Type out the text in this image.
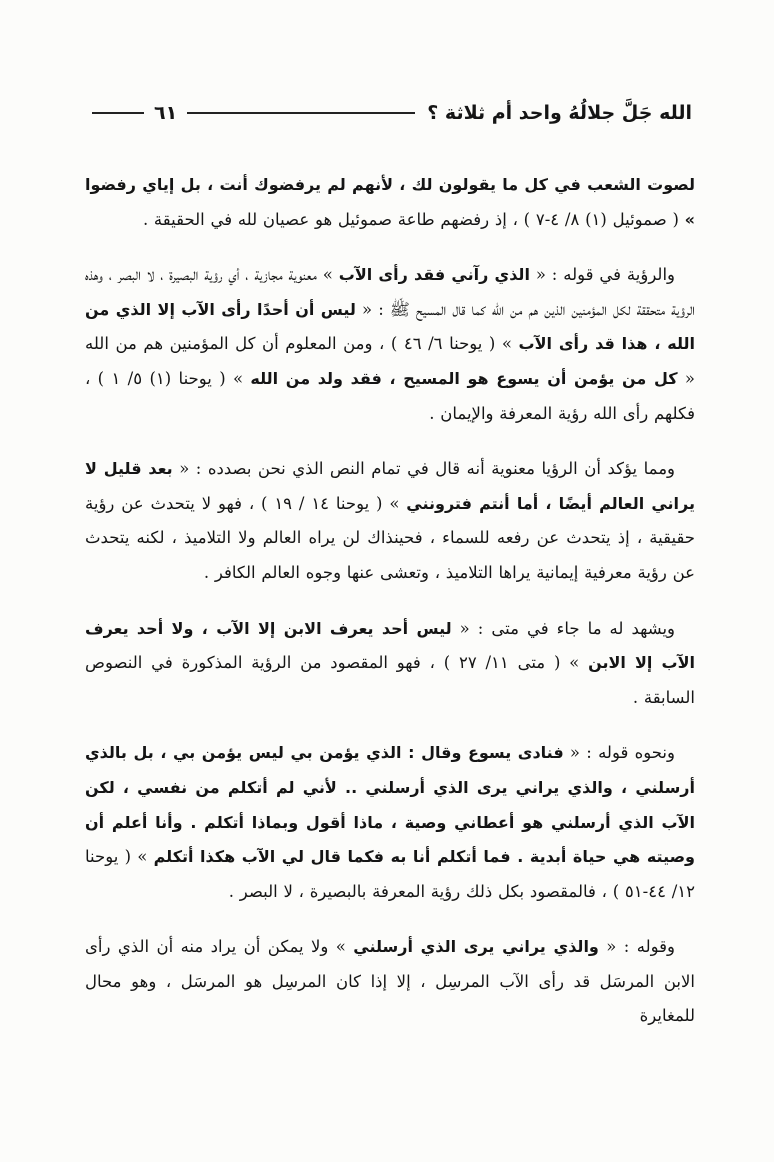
الله جَلَّ جلالُهُ واحد أم ثلاثة ؟
٦١

لصوت الشعب في كل ما يقولون لك ، لأنهم لم يرفضوك أنت ، بل إياي رفضوا » ( صموئيل (١) ٨/ ٤-٧ ) ، إذ رفضهم طاعة صموئيل هو عصيان لله في الحقيقة .

والرؤية في قوله : « الذي رآني فقد رأى الآب » معنوية مجازية ، أي رؤية البصيرة ، لا البصر ، وهذه الرؤية متحققة لكل المؤمنين الذين هم من الله كما قال المسيح ﷺ : « ليس أن أحدًا رأى الآب إلا الذي من الله ، هذا قد رأى الآب » ( يوحنا ٦/ ٤٦ ) ، ومن المعلوم أن كل المؤمنين هم من الله « كل من يؤمن أن يسوع هو المسيح ، فقد ولد من الله » ( يوحنا (١) ٥/ ١ ) ، فكلهم رأى الله رؤية المعرفة والإيمان .

ومما يؤكد أن الرؤيا معنوية أنه قال في تمام النص الذي نحن بصدده : « بعد قليل لا يراني العالم أيضًا ، أما أنتم فترونني » ( يوحنا ١٤ / ١٩ ) ، فهو لا يتحدث عن رؤية حقيقية ، إذ يتحدث عن رفعه للسماء ، فحينذاك لن يراه العالم ولا التلاميذ ، لكنه يتحدث عن رؤية معرفية إيمانية يراها التلاميذ ، وتعشى عنها وجوه العالم الكافر .

ويشهد له ما جاء في متى : « ليس أحد يعرف الابن إلا الآب ، ولا أحد يعرف الآب إلا الابن » ( متى ١١/ ٢٧ ) ، فهو المقصود من الرؤية المذكورة في النصوص السابقة .

ونحوه قوله : « فنادى يسوع وقال : الذي يؤمن بي ليس يؤمن بي ، بل بالذي أرسلني ، والذي يراني يرى الذي أرسلني .. لأني لم أتكلم من نفسي ، لكن الآب الذي أرسلني هو أعطاني وصية ، ماذا أقول وبماذا أتكلم . وأنا أعلم أن وصيته هي حياة أبدية . فما أتكلم أنا به فكما قال لي الآب هكذا أتكلم » ( يوحنا ١٢/ ٤٤-٥١ ) ، فالمقصود بكل ذلك رؤية المعرفة بالبصيرة ، لا البصر .

وقوله : « والذي يراني يرى الذي أرسلني » ولا يمكن أن يراد منه أن الذي رأى الابن المرسَل قد رأى الآب المرسِل ، إلا إذا كان المرسِل هو المرسَل ، وهو محال للمغايرة
